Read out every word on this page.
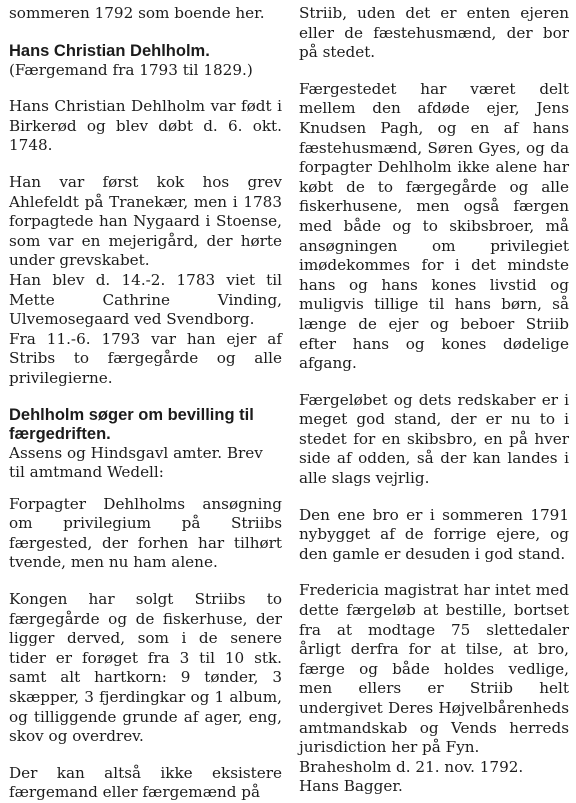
sommeren 1792 som boende her.

Hans Christian Dehlholm.

(Færgemand fra 1793 til 1829.)

Hans Christian Dehlholm var født i Birkerød og blev døbt d. 6. okt. 1748.

Han var først kok hos grev Ahlefeldt på Tranekær, men i 1783 forpagtede han Nygaard i Stoense, som var en mejerigård, der hørte under grevskabet.

Han blev d. 14.-2. 1783 viet til Mette Cathrine Vinding, Ulvemosegaard ved Svendborg.

Fra 11.-6. 1793 var han ejer af Stribs to færgegårde og alle privilegierne.

Dehlholm søger om bevilling til færgedriften.

Assens og Hindsgavl amter. Brev til amtmand Wedell:

Forpagter Dehlholms ansøgning om privilegium på Striibs færgested, der forhen har tilhørt tvende, men nu ham alene.

Kongen har solgt Striibs to færgegårde og de fiskerhuse, der ligger derved, som i de senere tider er forøget fra 3 til 10 stk. samt alt hartkorn: 9 tønder, 3 skæpper, 3 fjerdingkar og 1 album, og tilliggende grunde af ager, eng, skov og overdrev.

Der kan altså ikke eksistere færgemand eller færgemænd på

Striib, uden det er enten ejeren eller de fæstehusmænd, der bor på stedet.

Færgestedet har været delt mellem den afdøde ejer, Jens Knudsen Pagh, og en af hans fæstehusmænd, Søren Gyes, og da forpagter Dehlholm ikke alene har købt de to færgegårde og alle fiskerhusene, men også færgen med både og to skibsbroer, må ansøgningen om privilegiet imødekommes for i det mindste hans og hans kones livstid og muligvis tillige til hans børn, så længe de ejer og beboer Striib efter hans og kones dødelige afgang.

Færgeløbet og dets redskaber er i meget god stand, der er nu to i stedet for en skibsbro, en på hver side af odden, så der kan landes i alle slags vejrlig.

Den ene bro er i sommeren 1791 nybygget af de forrige ejere, og den gamle er desuden i god stand.

Fredericia magistrat har intet med dette færgeløb at bestille, bortset fra at modtage 75 slettedaler årligt derfra for at tilse, at bro, færge og både holdes vedlige, men ellers er Striib helt undergivet Deres Højvelbårenheds amtmandskab og Vends herreds jurisdiction her på Fyn.

Brahesholm d. 21. nov. 1792.

Hans Bagger.
